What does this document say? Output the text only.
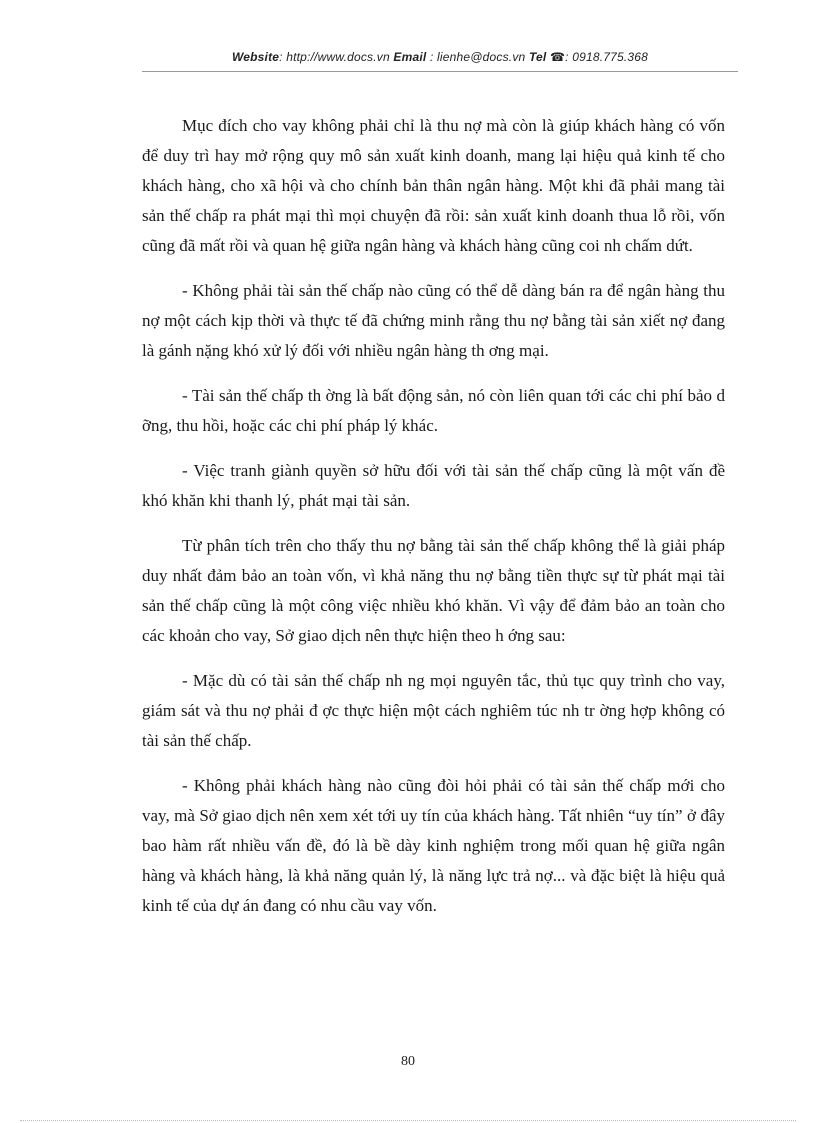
Website: http://www.docs.vn Email : lienhe@docs.vn Tel ☎: 0918.775.368

Mục đích cho vay không phải chỉ là thu nợ mà còn là giúp khách hàng có vốn để duy trì hay mở rộng quy mô sản xuất kinh doanh, mang lại hiệu quả kinh tế cho khách hàng, cho xã hội và cho chính bản thân ngân hàng. Một khi đã phải mang tài sản thế chấp ra phát mại thì mọi chuyện đã rồi: sản xuất kinh doanh thua lỗ rồi, vốn cũng đã mất rồi và quan hệ giữa ngân hàng và khách hàng cũng coi nh chấm dứt.

- Không phải tài sản thế chấp nào cũng có thể dễ dàng bán ra để ngân hàng thu nợ một cách kịp thời và thực tế đã chứng minh rằng thu nợ bằng tài sản xiết nợ đang là gánh nặng khó xử lý đối với nhiều ngân hàng th ơng mại.

- Tài sản thế chấp th ờng là bất động sản, nó còn liên quan tới các chi phí bảo d ỡng, thu hồi, hoặc các chi phí pháp lý khác.

- Việc tranh giành quyền sở hữu đối với tài sản thế chấp cũng là một vấn đề khó khăn khi thanh lý, phát mại tài sản.

Từ phân tích trên cho thấy thu nợ bằng tài sản thế chấp không thể là giải pháp duy nhất đảm bảo an toàn vốn, vì khả năng thu nợ bằng tiền thực sự từ phát mại tài sản thế chấp cũng là một công việc nhiều khó khăn. Vì vậy để đảm bảo an toàn cho các khoản cho vay, Sở giao dịch nên thực hiện theo h ớng sau:

- Mặc dù có tài sản thế chấp nh ng mọi nguyên tắc, thủ tục quy trình cho vay, giám sát và thu nợ phải đ ợc thực hiện một cách nghiêm túc nh tr ờng hợp không có tài sản thế chấp.

- Không phải khách hàng nào cũng đòi hỏi phải có tài sản thế chấp mới cho vay, mà Sở giao dịch nên xem xét tới uy tín của khách hàng. Tất nhiên “uy tín” ở đây bao hàm rất nhiều vấn đề, đó là bề dày kinh nghiệm trong mối quan hệ giữa ngân hàng và khách hàng, là khả năng quản lý, là năng lực trả nợ... và đặc biệt là hiệu quả kinh tế của dự án đang có nhu cầu vay vốn.

80
